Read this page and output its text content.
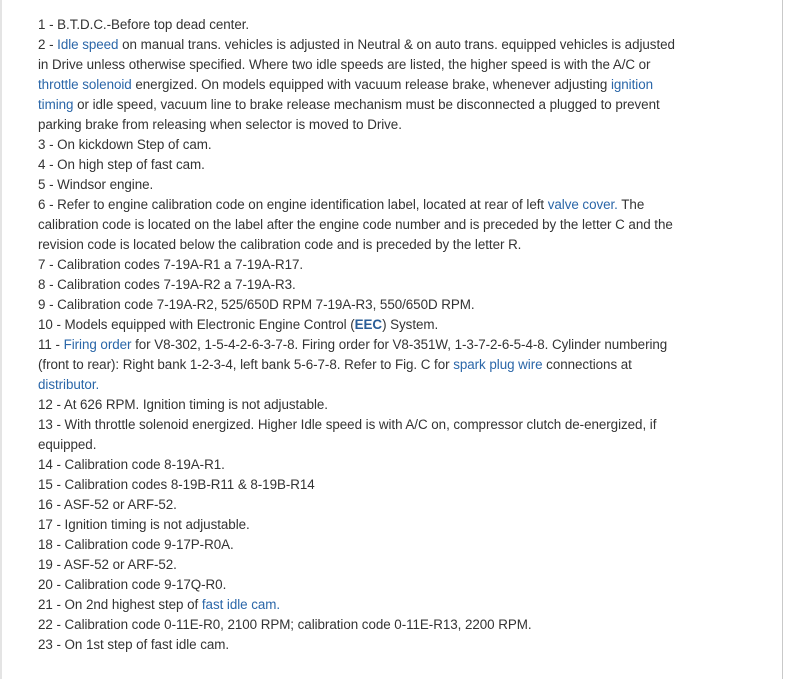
1 - B.T.D.C.-Before top dead center.

2 - Idle speed on manual trans. vehicles is adjusted in Neutral & on auto trans. equipped vehicles is adjusted in Drive unless otherwise specified. Where two idle speeds are listed, the higher speed is with the A/C or throttle solenoid energized. On models equipped with vacuum release brake, whenever adjusting ignition timing or idle speed, vacuum line to brake release mechanism must be disconnected a plugged to prevent parking brake from releasing when selector is moved to Drive.

3 - On kickdown Step of cam.

4 - On high step of fast cam.

5 - Windsor engine.

6 - Refer to engine calibration code on engine identification label, located at rear of left valve cover. The calibration code is located on the label after the engine code number and is preceded by the letter C and the revision code is located below the calibration code and is preceded by the letter R.

7 - Calibration codes 7-19A-R1 a 7-19A-R17.

8 - Calibration codes 7-19A-R2 a 7-19A-R3.

9 - Calibration code 7-19A-R2, 525/650D RPM 7-19A-R3, 550/650D RPM.

10 - Models equipped with Electronic Engine Control (EEC) System.

11 - Firing order for V8-302, 1-5-4-2-6-3-7-8. Firing order for V8-351W, 1-3-7-2-6-5-4-8. Cylinder numbering (front to rear): Right bank 1-2-3-4, left bank 5-6-7-8. Refer to Fig. C for spark plug wire connections at distributor.

12 - At 626 RPM. Ignition timing is not adjustable.

13 - With throttle solenoid energized. Higher Idle speed is with A/C on, compressor clutch de-energized, if equipped.

14 - Calibration code 8-19A-R1.

15 - Calibration codes 8-19B-R11 & 8-19B-R14

16 - ASF-52 or ARF-52.

17 - Ignition timing is not adjustable.

18 - Calibration code 9-17P-R0A.

19 - ASF-52 or ARF-52.

20 - Calibration code 9-17Q-R0.

21 - On 2nd highest step of fast idle cam.

22 - Calibration code 0-11E-R0, 2100 RPM; calibration code 0-11E-R13, 2200 RPM.

23 - On 1st step of fast idle cam.
